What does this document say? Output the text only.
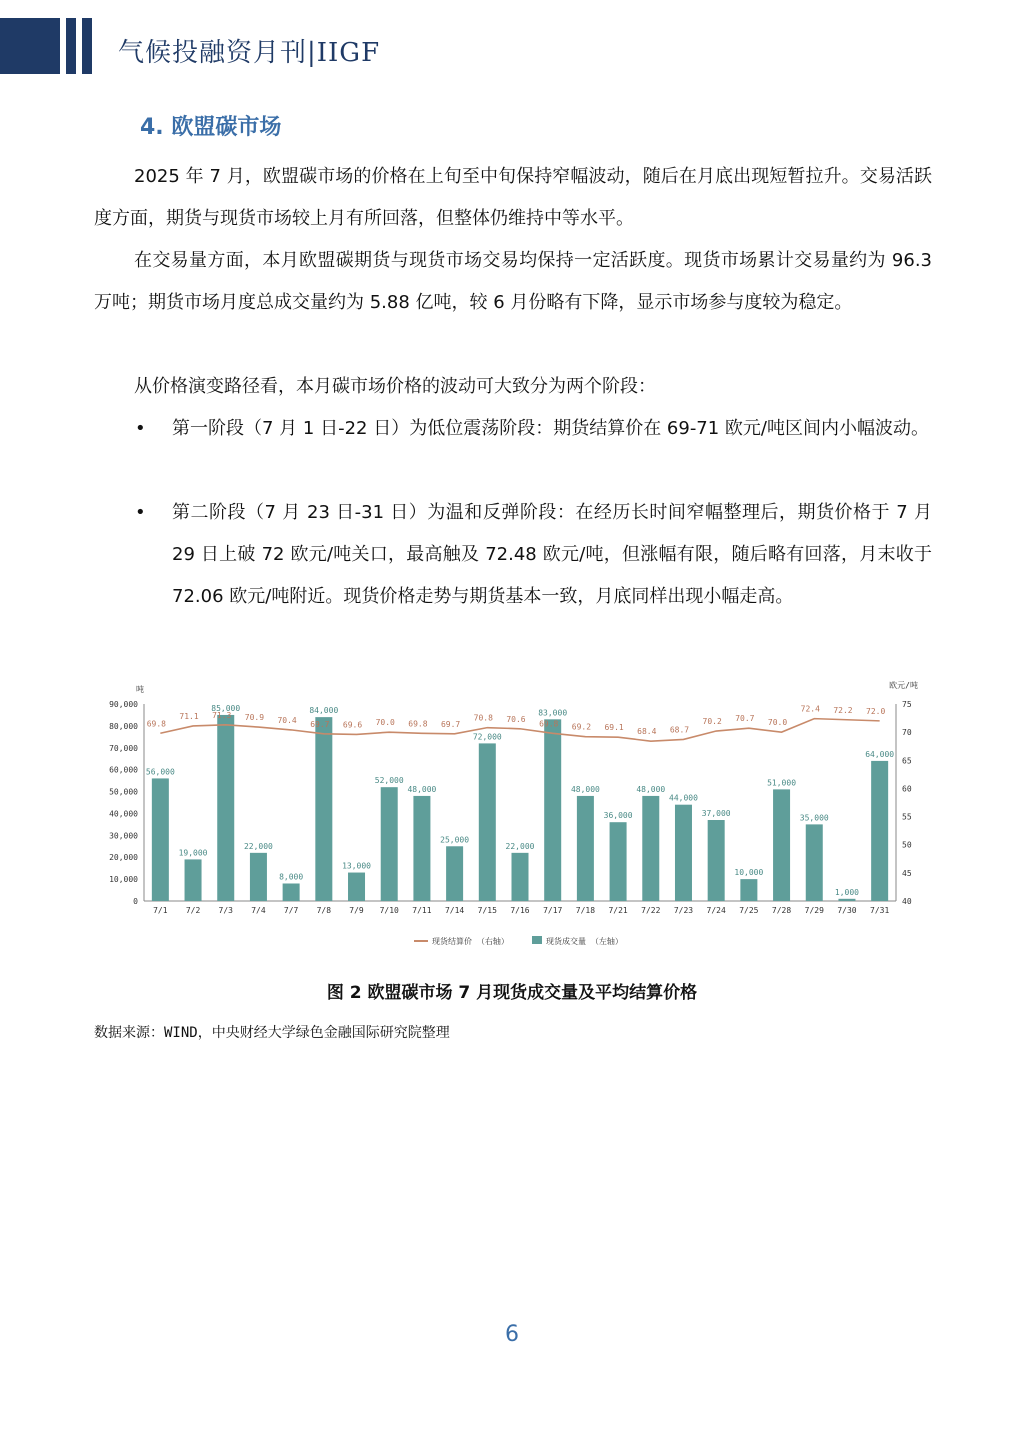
气候投融资月刊|IIGF
4. 欧盟碳市场

2025 年 7 月，欧盟碳市场的价格在上旬至中旬保持窄幅波动，随后在月底出现短暂拉升。交易活跃度方面，期货与现货市场较上月有所回落，但整体仍维持中等水平。

在交易量方面，本月欧盟碳期货与现货市场交易均保持一定活跃度。现货市场累计交易量约为 96.3 万吨；期货市场月度总成交量约为 5.88 亿吨，较 6 月份略有下降，显示市场参与度较为稳定。

从价格演变路径看，本月碳市场价格的波动可大致分为两个阶段：

• 第一阶段（7 月 1 日-22 日）为低位震荡阶段：期货结算价在 69-71 欧元/吨区间内小幅波动。

• 第二阶段（7 月 23 日-31 日）为温和反弹阶段：在经历长时间窄幅整理后，期货价格于 7 月 29 日上破 72 欧元/吨关口，最高触及 72.48 欧元/吨，但涨幅有限，随后略有回落，月末收于 72.06 欧元/吨附近。现货价格走势与期货基本一致，月底同样出现小幅走高。

0
10,000
20,000
30,000
40,000
50,000
60,000
70,000
80,000
90,000
40
45
50
55
60
65
70
75
吨	欧元/吨
56,000
7/1
19,000
7/2
85,000
7/3
22,000
7/4
8,000
7/7
84,000
7/8
13,000
7/9
52,000
7/10
48,000
7/11
25,000
7/14
72,000
7/15
22,000
7/16
83,000
7/17
48,000
7/18
36,000
7/21
48,000
7/22
44,000
7/23
37,000
7/24
10,000
7/25
51,000
7/28
35,000
7/29
1,000
7/30
64,000
7/31
69.8
71.1 71.3 70.9 70.4 69.7 69.6 70.0 69.8 69.7
70.8 70.6
69.8 69.2 69.1 68.4 68.7
70.2 70.7 70.0
72.4 72.2 72.0
现货结算价 （右轴）	现货成交量 （左轴）
图 2 欧盟碳市场 7 月现货成交量及平均结算价格
数据来源：WIND，中央财经大学绿色金融国际研究院整理
6
